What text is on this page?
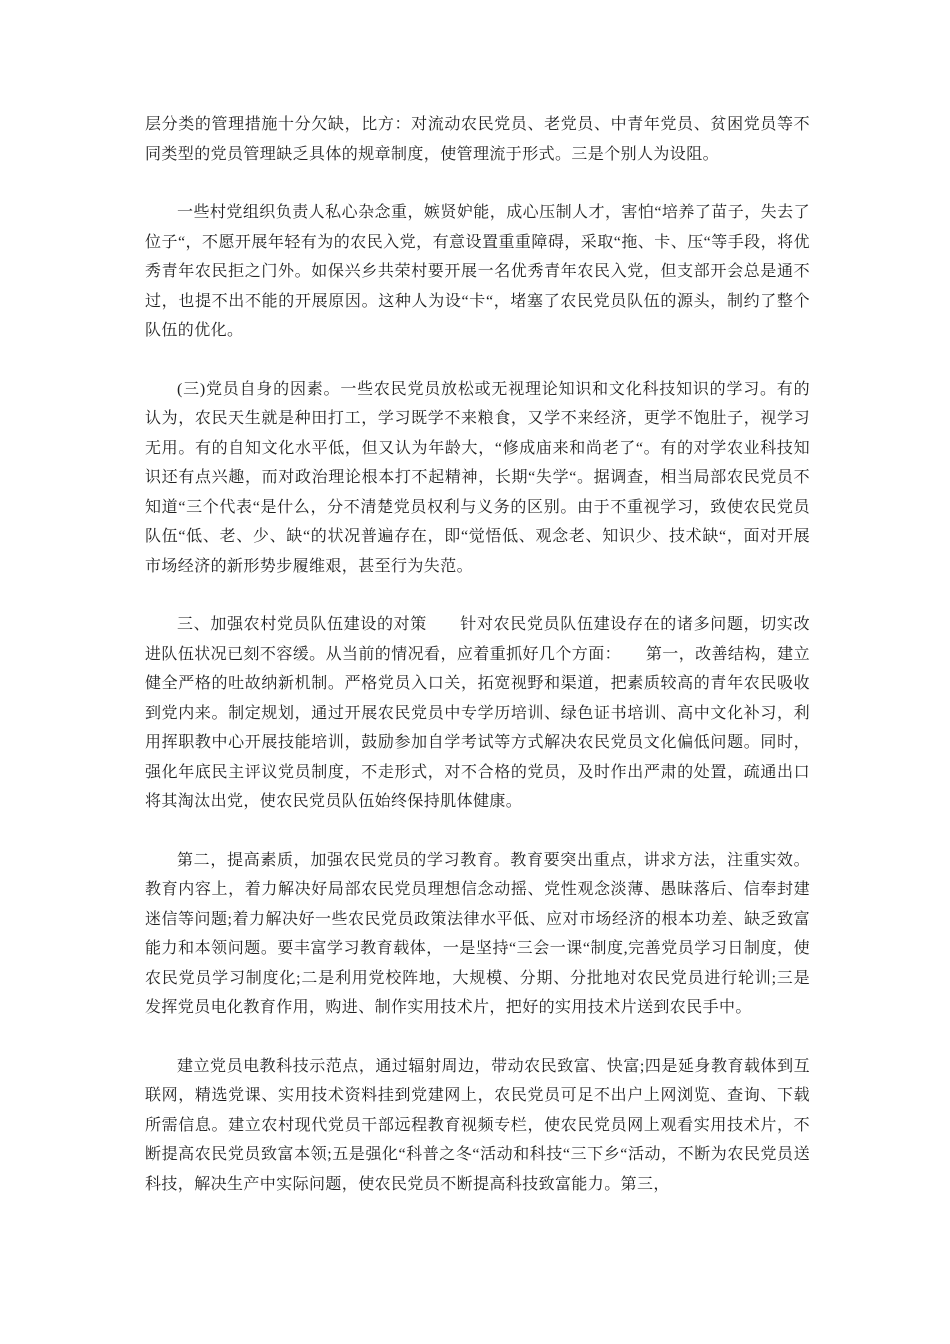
层分类的管理措施十分欠缺，比方：对流动农民党员、老党员、中青年党员、贫困党员等不同类型的党员管理缺乏具体的规章制度，使管理流于形式。三是个别人为设阻。

一些村党组织负责人私心杂念重，嫉贤妒能，成心压制人才，害怕“培养了苗子，失去了位子“，不愿开展年轻有为的农民入党，有意设置重重障碍，采取“拖、卡、压“等手段，将优秀青年农民拒之门外。如保兴乡共荣村要开展一名优秀青年农民入党，但支部开会总是通不过，也提不出不能的开展原因。这种人为设“卡“，堵塞了农民党员队伍的源头，制约了整个队伍的优化。

(三)党员自身的因素。一些农民党员放松或无视理论知识和文化科技知识的学习。有的认为，农民天生就是种田打工，学习既学不来粮食，又学不来经济，更学不饱肚子，视学习无用。有的自知文化水平低，但又认为年龄大，“修成庙来和尚老了“。有的对学农业科技知识还有点兴趣，而对政治理论根本打不起精神，长期“失学“。据调查，相当局部农民党员不知道“三个代表“是什么，分不清楚党员权利与义务的区别。由于不重视学习，致使农民党员队伍“低、老、少、缺“的状况普遍存在，即“觉悟低、观念老、知识少、技术缺“，面对开展市场经济的新形势步履维艰，甚至行为失范。

三、加强农村党员队伍建设的对策　　针对农民党员队伍建设存在的诸多问题，切实改进队伍状况已刻不容缓。从当前的情况看，应着重抓好几个方面：　　第一，改善结构，建立健全严格的吐故纳新机制。严格党员入口关，拓宽视野和渠道，把素质较高的青年农民吸收到党内来。制定规划，通过开展农民党员中专学历培训、绿色证书培训、高中文化补习，利用挥职教中心开展技能培训，鼓励参加自学考试等方式解决农民党员文化偏低问题。同时，强化年底民主评议党员制度，不走形式，对不合格的党员，及时作出严肃的处置，疏通出口将其淘汰出党，使农民党员队伍始终保持肌体健康。

第二，提高素质，加强农民党员的学习教育。教育要突出重点，讲求方法，注重实效。教育内容上，着力解决好局部农民党员理想信念动摇、党性观念淡薄、愚昧落后、信奉封建迷信等问题;着力解决好一些农民党员政策法律水平低、应对市场经济的根本功差、缺乏致富能力和本领问题。要丰富学习教育载体，一是坚持“三会一课“制度,完善党员学习日制度，使农民党员学习制度化;二是利用党校阵地，大规模、分期、分批地对农民党员进行轮训;三是发挥党员电化教育作用，购进、制作实用技术片，把好的实用技术片送到农民手中。

建立党员电教科技示范点，通过辐射周边，带动农民致富、快富;四是延身教育载体到互联网，精选党课、实用技术资料挂到党建网上，农民党员可足不出户上网浏览、查询、下载所需信息。建立农村现代党员干部远程教育视频专栏，使农民党员网上观看实用技术片，不断提高农民党员致富本领;五是强化“科普之冬“活动和科技“三下乡“活动，不断为农民党员送科技，解决生产中实际问题，使农民党员不断提高科技致富能力。第三，
